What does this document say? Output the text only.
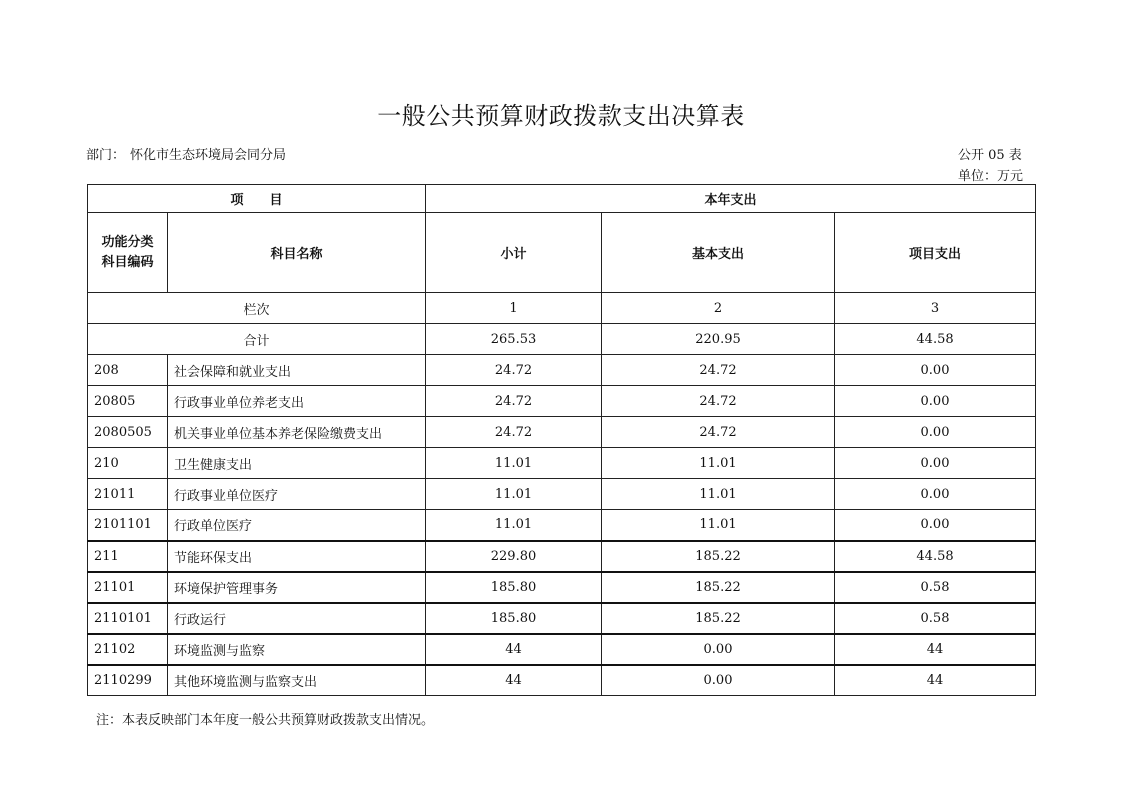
一般公共预算财政拨款支出决算表
部门： 怀化市生态环境局会同分局	公开 05 表
单位：万元
项　　目		本年支出		
功能分类
科目编码	科目名称	小计	基本支出	项目支出
栏次		1	2	3
合计		265.53	220.95	44.58
208	社会保障和就业支出	24.72	24.72	0.00
20805	行政事业单位养老支出	24.72	24.72	0.00
2080505	机关事业单位基本养老保险缴费支出	24.72	24.72	0.00
210	卫生健康支出	11.01	11.01	0.00
21011	行政事业单位医疗	11.01	11.01	0.00
2101101	行政单位医疗	11.01	11.01	0.00
211	节能环保支出	229.80	185.22	44.58
21101	环境保护管理事务	185.80	185.22	0.58
2110101	行政运行	185.80	185.22	0.58
21102	环境监测与监察	44	0.00	44
2110299	其他环境监测与监察支出	44	0.00	44
注：本表反映部门本年度一般公共预算财政拨款支出情况。
